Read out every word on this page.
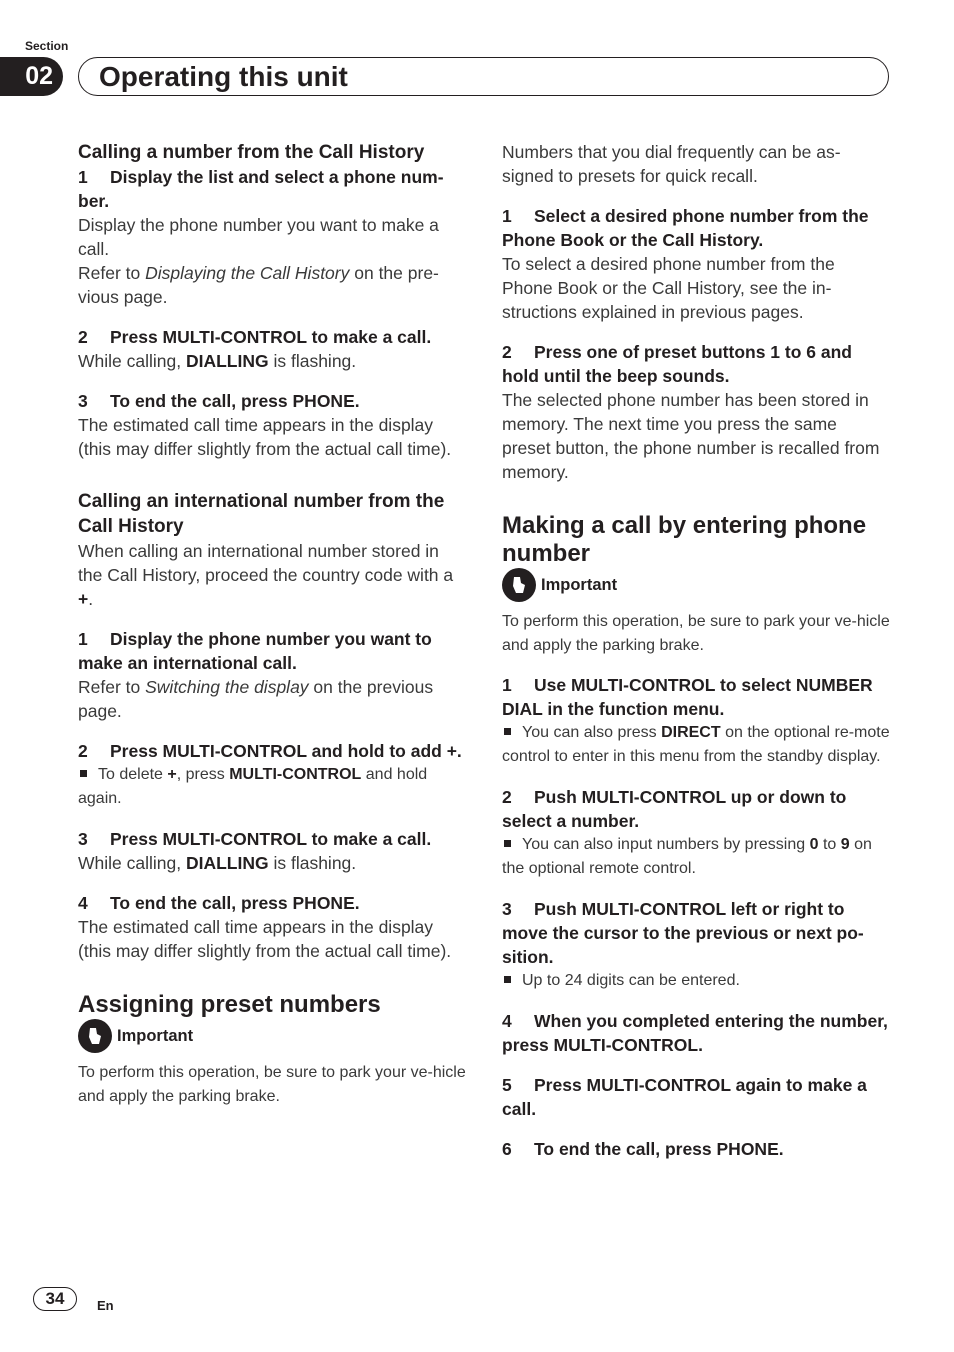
Section
02	Operating this unit

Calling a number from the Call History

1 Display the list and select a phone num-ber.

Display the phone number you want to make a call.

Refer to Displaying the Call History on the pre-vious page.

2 Press MULTI-CONTROL to make a call.

While calling, DIALLING is flashing.

3 To end the call, press PHONE.

The estimated call time appears in the display (this may differ slightly from the actual call time).

Calling an international number from the Call History

When calling an international number stored in the Call History, proceed the country code with a +.

1 Display the phone number you want to make an international call.

Refer to Switching the display on the previous page.

2 Press MULTI-CONTROL and hold to add +.

To delete +, press MULTI-CONTROL and hold again.

3 Press MULTI-CONTROL to make a call.

While calling, DIALLING is flashing.

4 To end the call, press PHONE.

The estimated call time appears in the display (this may differ slightly from the actual call time).

Assigning preset numbers

Important

To perform this operation, be sure to park your ve-hicle and apply the parking brake.

Numbers that you dial frequently can be as-signed to presets for quick recall.

1 Select a desired phone number from the Phone Book or the Call History.

To select a desired phone number from the Phone Book or the Call History, see the in-structions explained in previous pages.

2 Press one of preset buttons 1 to 6 and hold until the beep sounds.

The selected phone number has been stored in memory. The next time you press the same preset button, the phone number is recalled from memory.

Making a call by entering phone number

Important

To perform this operation, be sure to park your ve-hicle and apply the parking brake.

1 Use MULTI-CONTROL to select NUMBER DIAL in the function menu.

You can also press DIRECT on the optional re-mote control to enter in this menu from the standby display.

2 Push MULTI-CONTROL up or down to select a number.

You can also input numbers by pressing 0 to 9 on the optional remote control.

3 Push MULTI-CONTROL left or right to move the cursor to the previous or next po-sition.

Up to 24 digits can be entered.

4 When you completed entering the number, press MULTI-CONTROL.

5 Press MULTI-CONTROL again to make a call.

6 To end the call, press PHONE.

34	En
